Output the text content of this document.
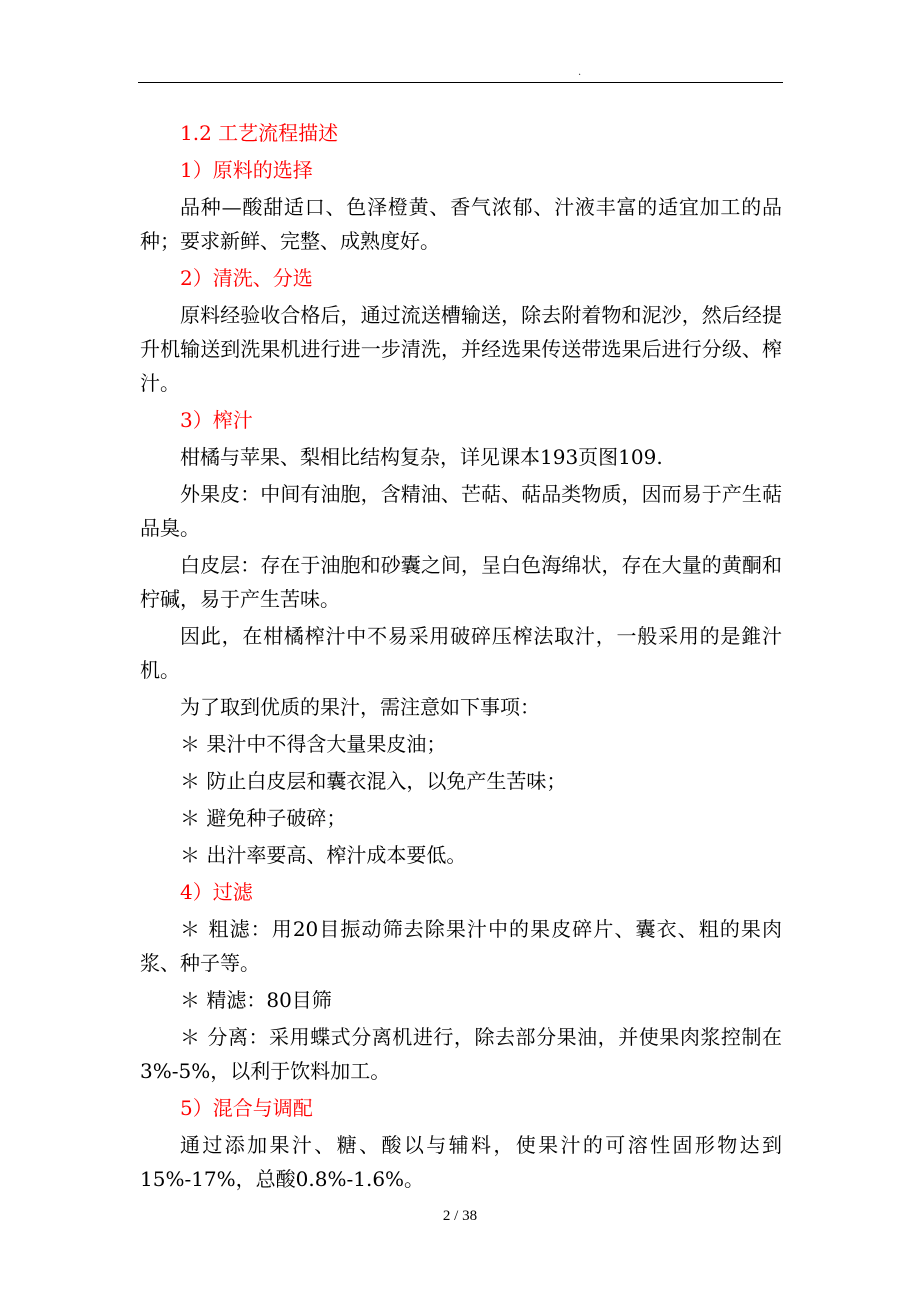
.

1.2 工艺流程描述

1）原料的选择

品种—酸甜适口、色泽橙黄、香气浓郁、汁液丰富的适宜加工的品种；要求新鲜、完整、成熟度好。

2）清洗、分选

原料经验收合格后，通过流送槽输送，除去附着物和泥沙，然后经提升机输送到洗果机进行进一步清洗，并经选果传送带选果后进行分级、榨汁。

3）榨汁

柑橘与苹果、梨相比结构复杂，详见课本193页图109.

外果皮：中间有油胞，含精油、芒萜、萜品类物质，因而易于产生萜品臭。

白皮层：存在于油胞和砂囊之间，呈白色海绵状，存在大量的黄酮和柠碱，易于产生苦味。

因此，在柑橘榨汁中不易采用破碎压榨法取汁，一般采用的是錐汁机。

为了取到优质的果汁，需注意如下事项：

＊ 果汁中不得含大量果皮油；

＊ 防止白皮层和囊衣混入，以免产生苦味；

＊ 避免种子破碎；

＊ 出汁率要高、榨汁成本要低。

4）过滤

＊ 粗滤：用20目振动筛去除果汁中的果皮碎片、囊衣、粗的果肉浆、种子等。

＊ 精滤：80目筛

＊ 分离：采用蝶式分离机进行，除去部分果油，并使果肉浆控制在3%-5%，以利于饮料加工。

5）混合与调配

通过添加果汁、糖、酸以与辅料，使果汁的可溶性固形物达到15%-17%，总酸0.8%-1.6%。

2 / 38
